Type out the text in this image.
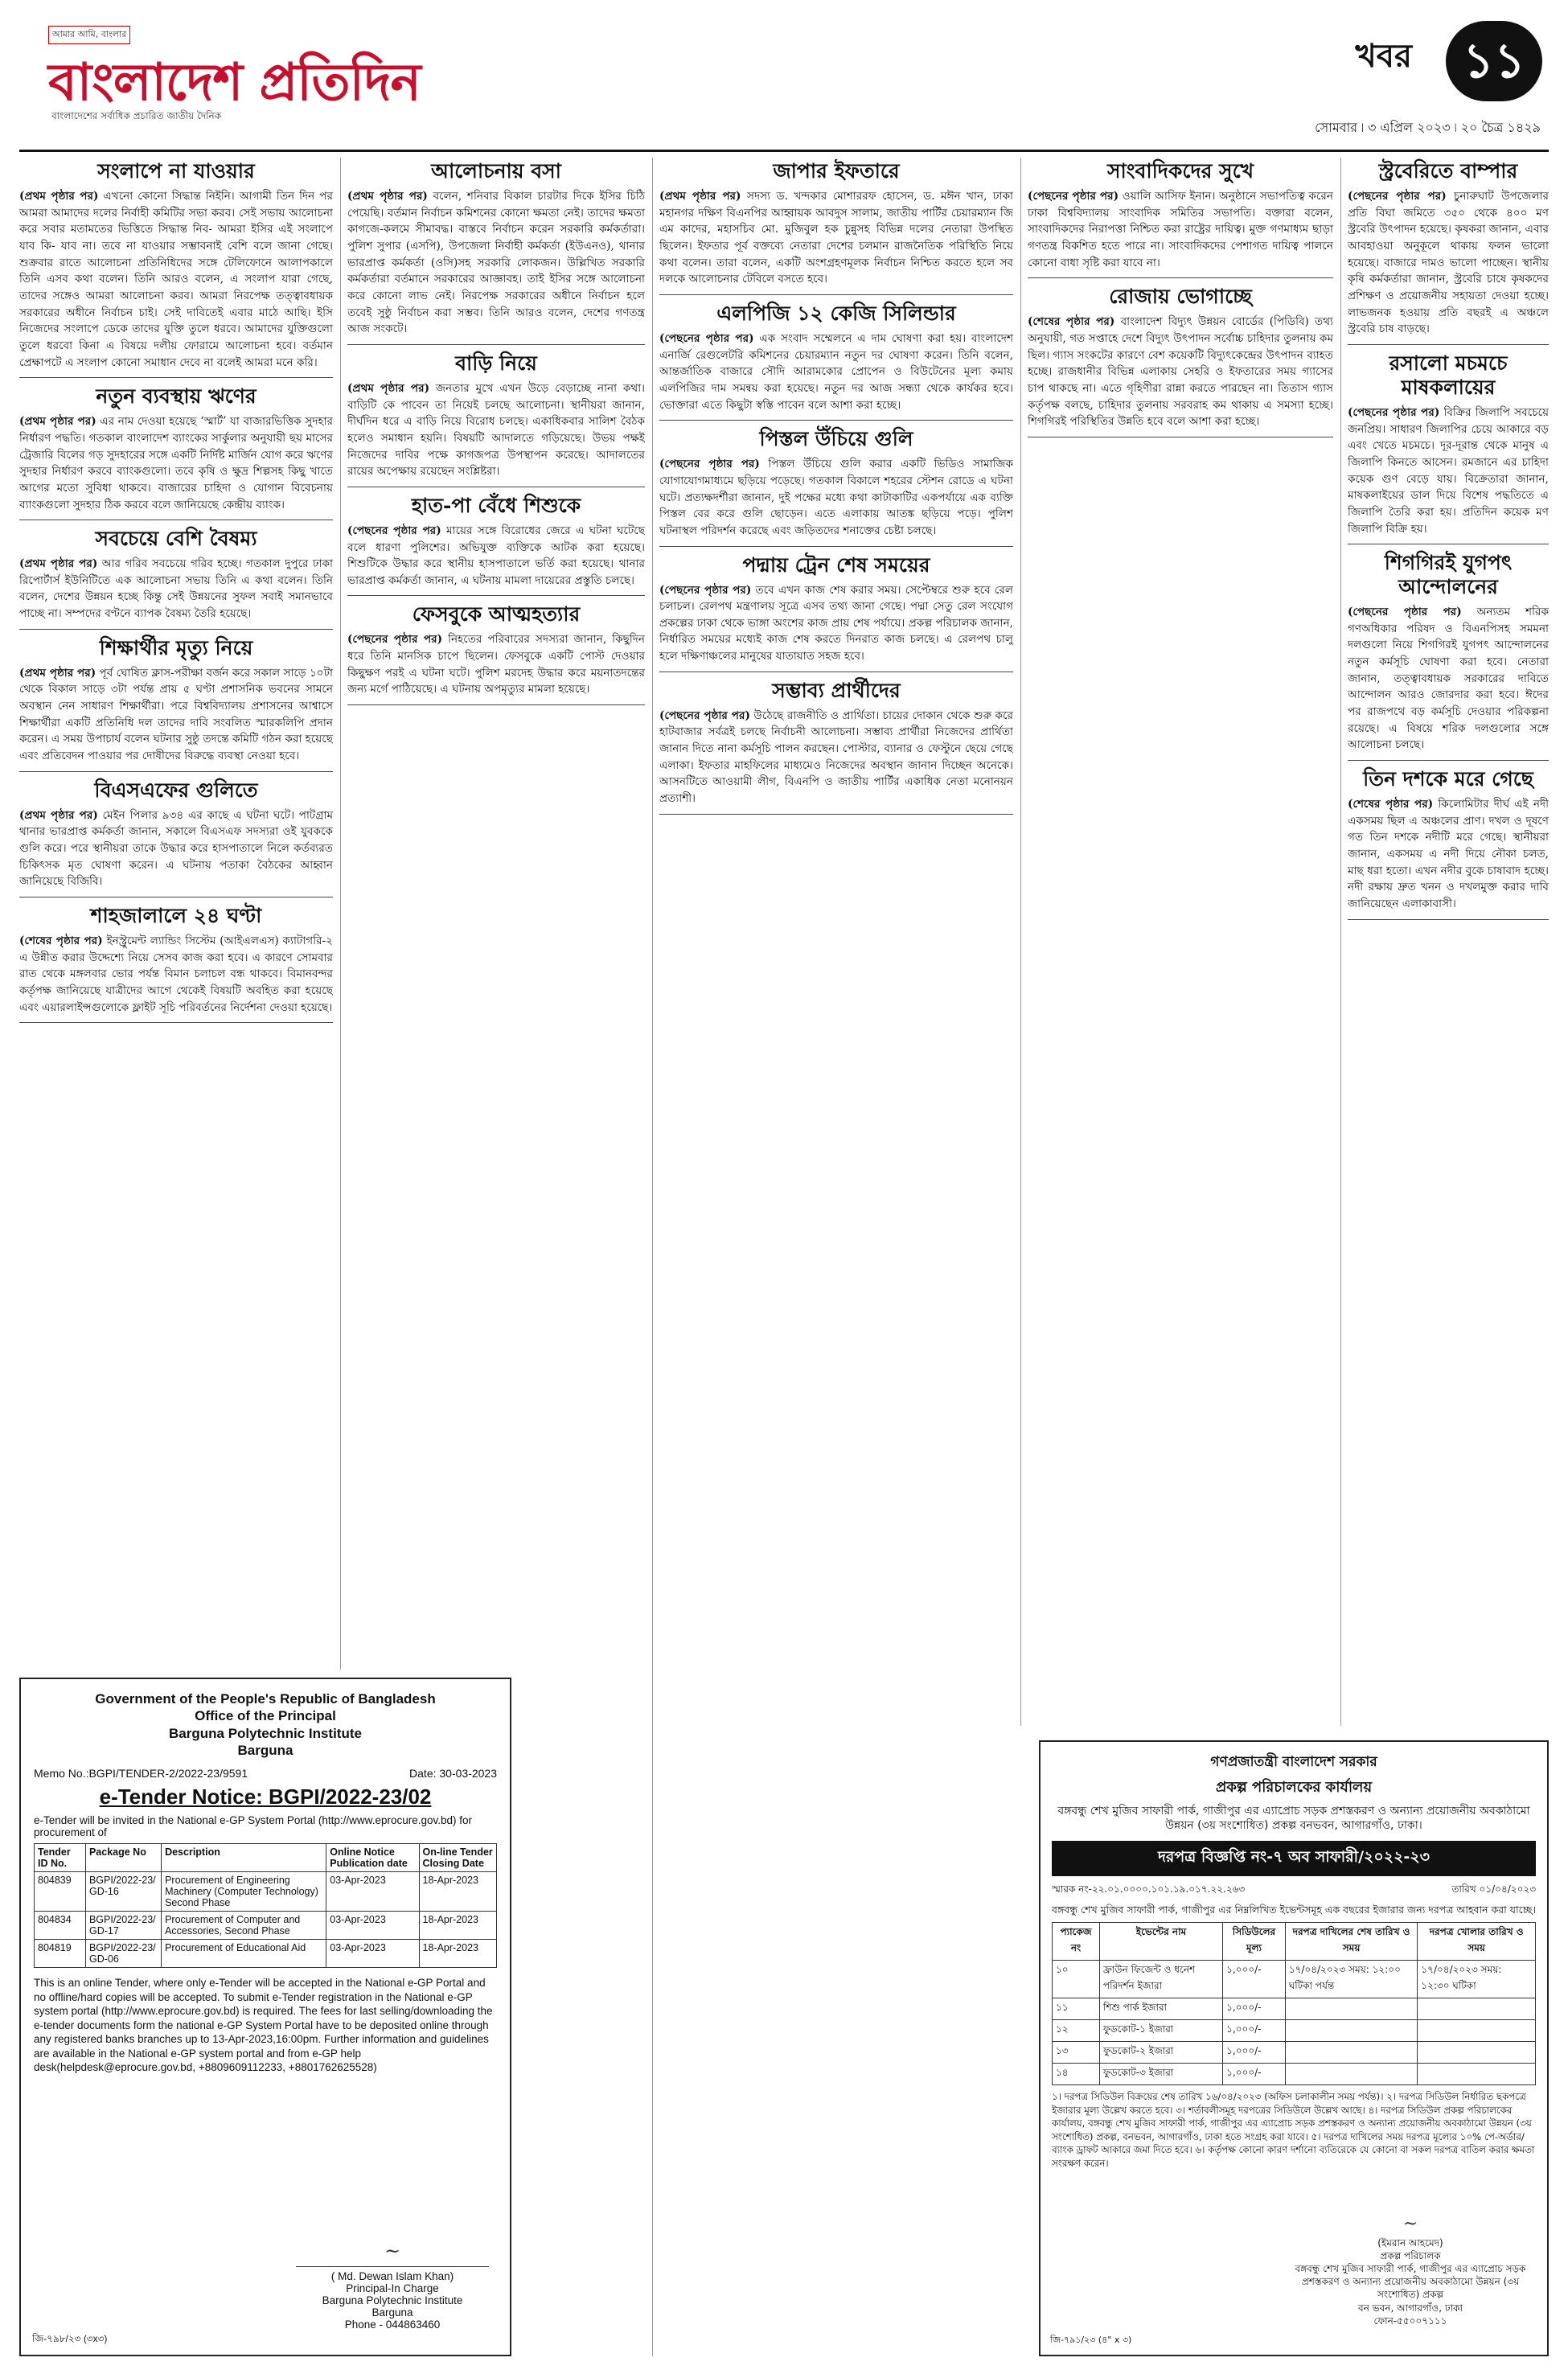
আমার আমি, বাংলার
বাংলাদেশ প্রতিদিন
বাংলাদেশের সর্বাধিক প্রচারিত জাতীয় দৈনিক
খবর	১১
সোমবার ৷ ৩ এপ্রিল ২০২৩ ৷ ২০ চৈত্র ১৪২৯
সংলাপে না যাওয়ার

(প্রথম পৃষ্ঠার পর) এখনো কোনো সিদ্ধান্ত নিইনি। আগামী তিন দিন পর আমরা আমাদের দলের নির্বাহী কমিটির সভা করব। সেই সভায় আলোচনা করে সবার মতামতের ভিত্তিতে সিদ্ধান্ত নিব- আমরা ইসির এই সংলাপে যাব কি- যাব না। তবে না যাওয়ার সম্ভাবনাই বেশি বলে জানা গেছে। শুক্রবার রাতে আলোচনা প্রতিনিধিদের সঙ্গে টেলিফোনে আলাপকালে তিনি এসব কথা বলেন। তিনি আরও বলেন, এ সংলাপ যারা গেছে, তাদের সঙ্গেও আমরা আলোচনা করব। আমরা নিরপেক্ষ তত্ত্বাবধায়ক সরকারের অধীনে নির্বাচন চাই। সেই দাবিতেই এবার মাঠে আছি। ইসি নিজেদের সংলাপে ডেকে তাদের যুক্তি তুলে ধরবে। আমাদের যুক্তিগুলো তুলে ধরবো কিনা এ বিষয়ে দলীয় ফোরামে আলোচনা হবে। বর্তমান প্রেক্ষাপটে এ সংলাপ কোনো সমাধান দেবে না বলেই আমরা মনে করি।

নতুন ব্যবস্থায় ঋণের

(প্রথম পৃষ্ঠার পর) এর নাম দেওয়া হয়েছে ‘স্মার্ট’ যা বাজারভিত্তিক সুদহার নির্ধারণ পদ্ধতি। গতকাল বাংলাদেশ ব্যাংকের সার্কুলার অনুযায়ী ছয় মাসের ট্রেজারি বিলের গড় সুদহারের সঙ্গে একটি নির্দিষ্ট মার্জিন যোগ করে ঋণের সুদহার নির্ধারণ করবে ব্যাংকগুলো। তবে কৃষি ও ক্ষুদ্র শিল্পসহ কিছু খাতে আগের মতো সুবিধা থাকবে। বাজারের চাহিদা ও যোগান বিবেচনায় ব্যাংকগুলো সুদহার ঠিক করবে বলে জানিয়েছে কেন্দ্রীয় ব্যাংক।

সবচেয়ে বেশি বৈষম্য

(প্রথম পৃষ্ঠার পর) আর গরিব সবচেয়ে গরিব হচ্ছে। গতকাল দুপুরে ঢাকা রিপোর্টার্স ইউনিটিতে এক আলোচনা সভায় তিনি এ কথা বলেন। তিনি বলেন, দেশের উন্নয়ন হচ্ছে কিন্তু সেই উন্নয়নের সুফল সবাই সমানভাবে পাচ্ছে না। সম্পদের বণ্টনে ব্যাপক বৈষম্য তৈরি হয়েছে।

শিক্ষার্থীর মৃত্যু নিয়ে

(প্রথম পৃষ্ঠার পর) পূর্ব ঘোষিত ক্লাস-পরীক্ষা বর্জন করে সকাল সাড়ে ১০টা থেকে বিকাল সাড়ে ৩টা পর্যন্ত প্রায় ৫ ঘণ্টা প্রশাসনিক ভবনের সামনে অবস্থান নেন সাধারণ শিক্ষার্থীরা। পরে বিশ্ববিদ্যালয় প্রশাসনের আশ্বাসে শিক্ষার্থীরা একটি প্রতিনিধি দল তাদের দাবি সংবলিত স্মারকলিপি প্রদান করেন। এ সময় উপাচার্য বলেন ঘটনার সুষ্ঠু তদন্তে কমিটি গঠন করা হয়েছে এবং প্রতিবেদন পাওয়ার পর দোষীদের বিরুদ্ধে ব্যবস্থা নেওয়া হবে।

বিএসএফের গুলিতে

(প্রথম পৃষ্ঠার পর) মেইন পিলার ৯৩৪ এর কাছে এ ঘটনা ঘটে। পাটগ্রাম থানার ভারপ্রাপ্ত কর্মকর্তা জানান, সকালে বিএসএফ সদস্যরা ওই যুবককে গুলি করে। পরে স্থানীয়রা তাকে উদ্ধার করে হাসপাতালে নিলে কর্তব্যরত চিকিৎসক মৃত ঘোষণা করেন। এ ঘটনায় পতাকা বৈঠকের আহ্বান জানিয়েছে বিজিবি।

শাহজালালে ২৪ ঘণ্টা

(শেষের পৃষ্ঠার পর) ইনস্ট্রুমেন্ট ল্যান্ডিং সিস্টেম (আইএলএস) ক্যাটাগরি-২ এ উন্নীত করার উদ্দেশ্যে নিয়ে সেসব কাজ করা হবে। এ কারণে সোমবার রাত থেকে মঙ্গলবার ভোর পর্যন্ত বিমান চলাচল বন্ধ থাকবে। বিমানবন্দর কর্তৃপক্ষ জানিয়েছে যাত্রীদের আগে থেকেই বিষয়টি অবহিত করা হয়েছে এবং এয়ারলাইন্সগুলোকে ফ্লাইট সূচি পরিবর্তনের নির্দেশনা দেওয়া হয়েছে।

আলোচনায় বসা

(প্রথম পৃষ্ঠার পর) বলেন, শনিবার বিকাল চারটার দিকে ইসির চিঠি পেয়েছি। বর্তমান নির্বাচন কমিশনের কোনো ক্ষমতা নেই। তাদের ক্ষমতা কাগজে-কলমে সীমাবদ্ধ। বাস্তবে নির্বাচন করেন সরকারি কর্মকর্তারা। পুলিশ সুপার (এসপি), উপজেলা নির্বাহী কর্মকর্তা (ইউএনও), থানার ভারপ্রাপ্ত কর্মকর্তা (ওসি)সহ সরকারি লোকজন। উল্লিখিত সরকারি কর্মকর্তারা বর্তমানে সরকারের আজ্ঞাবহ। তাই ইসির সঙ্গে আলোচনা করে কোনো লাভ নেই। নিরপেক্ষ সরকারের অধীনে নির্বাচন হলে তবেই সুষ্ঠু নির্বাচন করা সম্ভব। তিনি আরও বলেন, দেশের গণতন্ত্র আজ সংকটে।

বাড়ি নিয়ে

(প্রথম পৃষ্ঠার পর) জনতার মুখে এখন উড়ে বেড়াচ্ছে নানা কথা। বাড়িটি কে পাবেন তা নিয়েই চলছে আলোচনা। স্থানীয়রা জানান, দীর্ঘদিন ধরে এ বাড়ি নিয়ে বিরোধ চলছে। একাধিকবার সালিশ বৈঠক হলেও সমাধান হয়নি। বিষয়টি আদালতে গড়িয়েছে। উভয় পক্ষই নিজেদের দাবির পক্ষে কাগজপত্র উপস্থাপন করেছে। আদালতের রায়ের অপেক্ষায় রয়েছেন সংশ্লিষ্টরা।

হাত-পা বেঁধে শিশুকে

(পেছনের পৃষ্ঠার পর) মায়ের সঙ্গে বিরোধের জেরে এ ঘটনা ঘটেছে বলে ধারণা পুলিশের। অভিযুক্ত ব্যক্তিকে আটক করা হয়েছে। শিশুটিকে উদ্ধার করে স্থানীয় হাসপাতালে ভর্তি করা হয়েছে। থানার ভারপ্রাপ্ত কর্মকর্তা জানান, এ ঘটনায় মামলা দায়েরের প্রস্তুতি চলছে।

ফেসবুকে আত্মহত্যার

(পেছনের পৃষ্ঠার পর) নিহতের পরিবারের সদস্যরা জানান, কিছুদিন ধরে তিনি মানসিক চাপে ছিলেন। ফেসবুকে একটি পোস্ট দেওয়ার কিছুক্ষণ পরই এ ঘটনা ঘটে। পুলিশ মরদেহ উদ্ধার করে ময়নাতদন্তের জন্য মর্গে পাঠিয়েছে। এ ঘটনায় অপমৃত্যুর মামলা হয়েছে।

জাপার ইফতারে

(প্রথম পৃষ্ঠার পর) সদস্য ড. খন্দকার মোশাররফ হোসেন, ড. মঈন খান, ঢাকা মহানগর দক্ষিণ বিএনপির আহ্বায়ক আবদুস সালাম, জাতীয় পার্টির চেয়ারম্যান জি এম কাদের, মহাসচিব মো. মুজিবুল হক চুন্নুসহ বিভিন্ন দলের নেতারা উপস্থিত ছিলেন। ইফতার পূর্ব বক্তব্যে নেতারা দেশের চলমান রাজনৈতিক পরিস্থিতি নিয়ে কথা বলেন। তারা বলেন, একটি অংশগ্রহণমূলক নির্বাচন নিশ্চিত করতে হলে সব দলকে আলোচনার টেবিলে বসতে হবে।

এলপিজি ১২ কেজি সিলিন্ডার

(পেছনের পৃষ্ঠার পর) এক সংবাদ সম্মেলনে এ দাম ঘোষণা করা হয়। বাংলাদেশ এনার্জি রেগুলেটরি কমিশনের চেয়ারম্যান নতুন দর ঘোষণা করেন। তিনি বলেন, আন্তর্জাতিক বাজারে সৌদি আরামকোর প্রোপেন ও বিউটেনের মূল্য কমায় এলপিজির দাম সমন্বয় করা হয়েছে। নতুন দর আজ সন্ধ্যা থেকে কার্যকর হবে। ভোক্তারা এতে কিছুটা স্বস্তি পাবেন বলে আশা করা হচ্ছে।

পিস্তল উঁচিয়ে গুলি

(পেছনের পৃষ্ঠার পর) পিস্তল উঁচিয়ে গুলি করার একটি ভিডিও সামাজিক যোগাযোগমাধ্যমে ছড়িয়ে পড়েছে। গতকাল বিকালে শহরের স্টেশন রোডে এ ঘটনা ঘটে। প্রত্যক্ষদর্শীরা জানান, দুই পক্ষের মধ্যে কথা কাটাকাটির একপর্যায়ে এক ব্যক্তি পিস্তল বের করে গুলি ছোড়েন। এতে এলাকায় আতঙ্ক ছড়িয়ে পড়ে। পুলিশ ঘটনাস্থল পরিদর্শন করেছে এবং জড়িতদের শনাক্তের চেষ্টা চলছে।

পদ্মায় ট্রেন শেষ সময়ের

(পেছনের পৃষ্ঠার পর) তবে এখন কাজ শেষ করার সময়। সেপ্টেম্বরে শুরু হবে রেল চলাচল। রেলপথ মন্ত্রণালয় সূত্রে এসব তথ্য জানা গেছে। পদ্মা সেতু রেল সংযোগ প্রকল্পের ঢাকা থেকে ভাঙ্গা অংশের কাজ প্রায় শেষ পর্যায়ে। প্রকল্প পরিচালক জানান, নির্ধারিত সময়ের মধ্যেই কাজ শেষ করতে দিনরাত কাজ চলছে। এ রেলপথ চালু হলে দক্ষিণাঞ্চলের মানুষের যাতায়াত সহজ হবে।

সম্ভাব্য প্রার্থীদের

(পেছনের পৃষ্ঠার পর) উঠেছে রাজনীতি ও প্রার্থিতা। চায়ের দোকান থেকে শুরু করে হাটবাজার সর্বত্রই চলছে নির্বাচনী আলোচনা। সম্ভাব্য প্রার্থীরা নিজেদের প্রার্থিতা জানান দিতে নানা কর্মসূচি পালন করছেন। পোস্টার, ব্যানার ও ফেস্টুনে ছেয়ে গেছে এলাকা। ইফতার মাহফিলের মাধ্যমেও নিজেদের অবস্থান জানান দিচ্ছেন অনেকে। আসনটিতে আওয়ামী লীগ, বিএনপি ও জাতীয় পার্টির একাধিক নেতা মনোনয়ন প্রত্যাশী।

সাংবাদিকদের সুখে

(পেছনের পৃষ্ঠার পর) ওয়ালি আসিফ ইনান। অনুষ্ঠানে সভাপতিত্ব করেন ঢাকা বিশ্ববিদ্যালয় সাংবাদিক সমিতির সভাপতি। বক্তারা বলেন, সাংবাদিকদের নিরাপত্তা নিশ্চিত করা রাষ্ট্রের দায়িত্ব। মুক্ত গণমাধ্যম ছাড়া গণতন্ত্র বিকশিত হতে পারে না। সাংবাদিকদের পেশাগত দায়িত্ব পালনে কোনো বাধা সৃষ্টি করা যাবে না।

রোজায় ভোগাচ্ছে

(শেষের পৃষ্ঠার পর) বাংলাদেশ বিদ্যুৎ উন্নয়ন বোর্ডের (পিডিবি) তথ্য অনুযায়ী, গত সপ্তাহে দেশে বিদ্যুৎ উৎপাদন সর্বোচ্চ চাহিদার তুলনায় কম ছিল। গ্যাস সংকটের কারণে বেশ কয়েকটি বিদ্যুৎকেন্দ্রের উৎপাদন ব্যাহত হচ্ছে। রাজধানীর বিভিন্ন এলাকায় সেহরি ও ইফতারের সময় গ্যাসের চাপ থাকছে না। এতে গৃহিণীরা রান্না করতে পারছেন না। তিতাস গ্যাস কর্তৃপক্ষ বলছে, চাহিদার তুলনায় সরবরাহ কম থাকায় এ সমস্যা হচ্ছে। শিগগিরই পরিস্থিতির উন্নতি হবে বলে আশা করা হচ্ছে।

স্ট্রবেরিতে বাম্পার

(পেছনের পৃষ্ঠার পর) চুনারুঘাট উপজেলার প্রতি বিঘা জমিতে ৩৫০ থেকে ৪০০ মণ স্ট্রবেরি উৎপাদন হয়েছে। কৃষকরা জানান, এবার আবহাওয়া অনুকূলে থাকায় ফলন ভালো হয়েছে। বাজারে দামও ভালো পাচ্ছেন। স্থানীয় কৃষি কর্মকর্তারা জানান, স্ট্রবেরি চাষে কৃষকদের প্রশিক্ষণ ও প্রয়োজনীয় সহায়তা দেওয়া হচ্ছে। লাভজনক হওয়ায় প্রতি বছরই এ অঞ্চলে স্ট্রবেরি চাষ বাড়ছে।

রসালো মচমচে মাষকলায়ের

(পেছনের পৃষ্ঠার পর) বিক্রির জিলাপি সবচেয়ে জনপ্রিয়। সাধারণ জিলাপির চেয়ে আকারে বড় এবং খেতে মচমচে। দূর-দূরান্ত থেকে মানুষ এ জিলাপি কিনতে আসেন। রমজানে এর চাহিদা কয়েক গুণ বেড়ে যায়। বিক্রেতারা জানান, মাষকলাইয়ের ডাল দিয়ে বিশেষ পদ্ধতিতে এ জিলাপি তৈরি করা হয়। প্রতিদিন কয়েক মণ জিলাপি বিক্রি হয়।

শিগগিরই যুগপৎ আন্দোলনের

(পেছনের পৃষ্ঠার পর) অন্যতম শরিক গণঅধিকার পরিষদ ও বিএনপিসহ সমমনা দলগুলো নিয়ে শিগগিরই যুগপৎ আন্দোলনের নতুন কর্মসূচি ঘোষণা করা হবে। নেতারা জানান, তত্ত্বাবধায়ক সরকারের দাবিতে আন্দোলন আরও জোরদার করা হবে। ঈদের পর রাজপথে বড় কর্মসূচি দেওয়ার পরিকল্পনা রয়েছে। এ বিষয়ে শরিক দলগুলোর সঙ্গে আলোচনা চলছে।

তিন দশকে মরে গেছে

(শেষের পৃষ্ঠার পর) কিলোমিটার দীর্ঘ এই নদী একসময় ছিল এ অঞ্চলের প্রাণ। দখল ও দূষণে গত তিন দশকে নদীটি মরে গেছে। স্থানীয়রা জানান, একসময় এ নদী দিয়ে নৌকা চলত, মাছ ধরা হতো। এখন নদীর বুকে চাষাবাদ হচ্ছে। নদী রক্ষায় দ্রুত খনন ও দখলমুক্ত করার দাবি জানিয়েছেন এলাকাবাসী।

Government of the People's Republic of Bangladesh
Office of the Principal
Barguna Polytechnic Institute
Barguna
Memo No.:BGPI/TENDER-2/2022-23/9591	Date: 30-03-2023
e-Tender Notice: BGPI/2022-23/02
e-Tender will be invited in the National e-GP System Portal (http://www.eprocure.gov.bd) for procurement of
Tender ID No.	Package No	Description	Online Notice Publication date	On-line Tender Closing Date
804839	BGPI/2022-23/ GD-16	Procurement of Engineering Machinery (Computer Technology) Second Phase	03-Apr-2023	18-Apr-2023
804834	BGPI/2022-23/ GD-17	Procurement of Computer and Accessories, Second Phase	03-Apr-2023	18-Apr-2023
804819	BGPI/2022-23/ GD-06	Procurement of Educational Aid	03-Apr-2023	18-Apr-2023
This is an online Tender, where only e-Tender will be accepted in the National e-GP Portal and no offline/hard copies will be accepted. To submit e-Tender registration in the National e-GP system portal (http://www.eprocure.gov.bd) is required. The fees for last selling/downloading the e-tender documents form the national e-GP System Portal have to be deposited online through any registered banks branches up to 13-Apr-2023,16:00pm. Further information and guidelines are available in the National e-GP system portal and from e-GP help desk(helpdesk@eprocure.gov.bd, +8809609112233, +8801762625528)
~
( Md. Dewan Islam Khan)
Principal-In Charge
Barguna Polytechnic Institute
Barguna
Phone - 044863460
জি-৭৯৮/২৩ (৩x৩)
গণপ্রজাতন্ত্রী বাংলাদেশ সরকার
প্রকল্প পরিচালকের কার্যালয়
বঙ্গবন্ধু শেখ মুজিব সাফারী পার্ক, গাজীপুর এর এ্যাপ্রোচ সড়ক প্রশস্তকরণ ও অন্যান্য প্রয়োজনীয় অবকাঠামো উন্নয়ন (৩য় সংশোধিত) প্রকল্প বনভবন, আগারগাঁও, ঢাকা।
দরপত্র বিজ্ঞপ্তি নং-৭ অব সাফারী/২০২২-২৩
স্মারক নং-২২.০১.০০০০.১০১.১৯.০১৭.২২.২৬৩	তারিখ ০১/০৪/২০২৩
বঙ্গবন্ধু শেখ মুজিব সাফারী পার্ক, গাজীপুর এর নিম্নলিখিত ইভেন্টসমূহ এক বছরের ইজারার জন্য দরপত্র আহবান করা যাচ্ছে।
প্যাকেজ নং	ইভেন্টের নাম	সিডিউলের মূল্য	দরপত্র দাখিলের শেষ তারিখ ও সময়	দরপত্র খোলার তারিখ ও সময়
১০	ফ্রাউন ফিজেন্ট ও ধনেশ পরিদর্শন ইজারা	১,০০০/-	১৭/০৪/২০২৩ সময়: ১২:০০ ঘটিকা পর্যন্ত	১৭/০৪/২০২৩ সময়: ১২:৩০ ঘটিকা
১১	শিশু পার্ক ইজারা	১,০০০/-		
১২	ফুডকোট-১ ইজারা	১,০০০/-		
১৩	ফুডকোট-২ ইজারা	১,০০০/-		
১৪	ফুডকোট-৩ ইজারা	১,০০০/-		
১। দরপত্র সিডিউল বিক্রয়ের শেষ তারিখ ১৬/০৪/২০২৩ (অফিস চলাকালীন সময় পর্যন্ত)। ২। দরপত্র সিডিউল নির্ধারিত ছকপত্রে ইজারার মূল্য উল্লেখ করতে হবে। ৩। শর্তাবলীসমূহ দরপত্রের সিডিউলে উল্লেখ আছে। ৪। দরপত্র সিডিউল প্রকল্প পরিচালকের কার্যালয়, বঙ্গবন্ধু শেখ মুজিব সাফারী পার্ক, গাজীপুর এর এ্যাপ্রোচ সড়ক প্রশস্তকরণ ও অন্যান্য প্রয়োজনীয় অবকাঠামো উন্নয়ন (৩য় সংশোধিত) প্রকল্প, বনভবন, আগারগাঁও, ঢাকা হতে সংগ্রহ করা যাবে। ৫। দরপত্র দাখিলের সময় দরপত্র মূল্যের ১০% পে-অর্ডার/ব্যাংক ড্রাফট আকারে জমা দিতে হবে। ৬। কর্তৃপক্ষ কোনো কারণ দর্শানো ব্যতিরেকে যে কোনো বা সকল দরপত্র বাতিল করার ক্ষমতা সংরক্ষণ করেন।
~
(ইমরান আহমেদ)
প্রকল্প পরিচালক
বঙ্গবন্ধু শেখ মুজিব সাফারী পার্ক, গাজীপুর এর এ্যাপ্রোচ সড়ক প্রশস্তকরণ ও অন্যান্য প্রয়োজনীয় অবকাঠামো উন্নয়ন (৩য় সংশোধিত) প্রকল্প
বন ভবন, আগারগাঁও, ঢাকা
ফোন-৫৫০০৭১১১
জি-৭৯১/২৩ (৪" x ৩)
